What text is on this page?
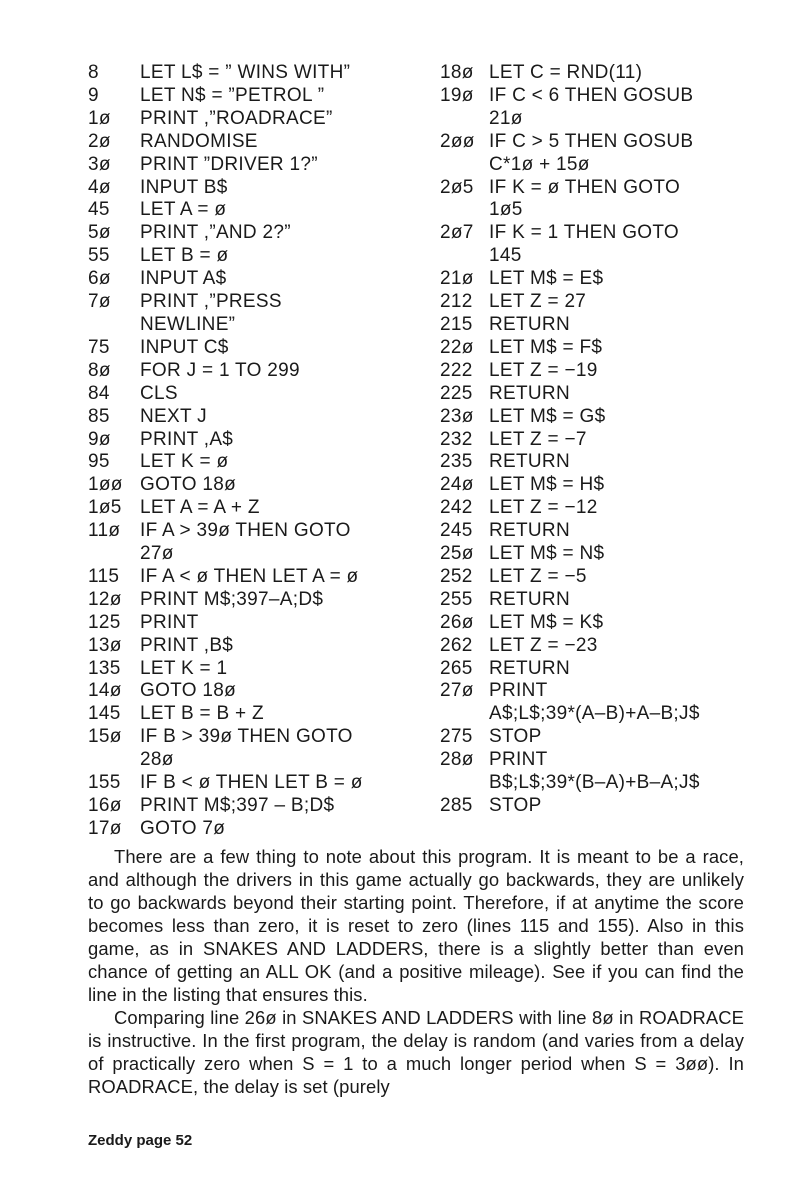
8	LET L$ = ” WINS WITH”
9	LET N$ = ”PETROL ”
1ø	PRINT ,”ROADRACE”
2ø	RANDOMISE
3ø	PRINT ”DRIVER 1?”
4ø	INPUT B$
45	LET A = ø
5ø	PRINT ,”AND 2?”
55	LET B = ø
6ø	INPUT A$
7ø	PRINT ,”PRESS
NEWLINE”
75	INPUT C$
8ø	FOR J = 1 TO 299
84	CLS
85	NEXT J
9ø	PRINT ,A$
95	LET K = ø
1øø GOTO 18ø
1ø5 LET A = A + Z
11ø	IF A > 39ø THEN GOTO
27ø
115	IF A < ø THEN LET A = ø
12ø PRINT M$;397–A;D$
125	PRINT
13ø PRINT ,B$
135	LET K = 1
14ø GOTO 18ø
145	LET B = B + Z
15ø IF B > 39ø THEN GOTO
28ø
155	IF B < ø THEN LET B = ø
16ø PRINT M$;397 – B;D$
17ø GOTO 7ø
18ø LET C = RND(11)
19ø IF C < 6 THEN GOSUB
21ø
2øø IF C > 5 THEN GOSUB
C*1ø + 15ø
2ø5 IF K = ø THEN GOTO
1ø5
2ø7 IF K = 1 THEN GOTO
145
21ø LET M$ = E$
212 LET Z = 27
215 RETURN
22ø LET M$ = F$
222 LET Z = −19
225 RETURN
23ø LET M$ = G$
232 LET Z = −7
235 RETURN
24ø LET M$ = H$
242 LET Z = −12
245 RETURN
25ø LET M$ = N$
252 LET Z = −5
255 RETURN
26ø LET M$ = K$
262 LET Z = −23
265 RETURN
27ø PRINT
A$;L$;39*(A–B)+A–B;J$
275 STOP
28ø PRINT
B$;L$;39*(B–A)+B–A;J$
285 STOP

There are a few thing to note about this program. It is meant to be a race, and although the drivers in this game actually go backwards, they are unlikely to go backwards beyond their starting point. Therefore, if at anytime the score becomes less than zero, it is reset to zero (lines 115 and 155). Also in this game, as in SNAKES AND LADDERS, there is a slightly better than even chance of getting an ALL OK (and a positive mileage). See if you can find the line in the listing that ensures this.

Comparing line 26ø in SNAKES AND LADDERS with line 8ø in ROADRACE is instructive. In the first program, the delay is random (and varies from a delay of practically zero when S = 1 to a much longer period when S = 3øø). In ROADRACE, the delay is set (purely

Zeddy page 52
